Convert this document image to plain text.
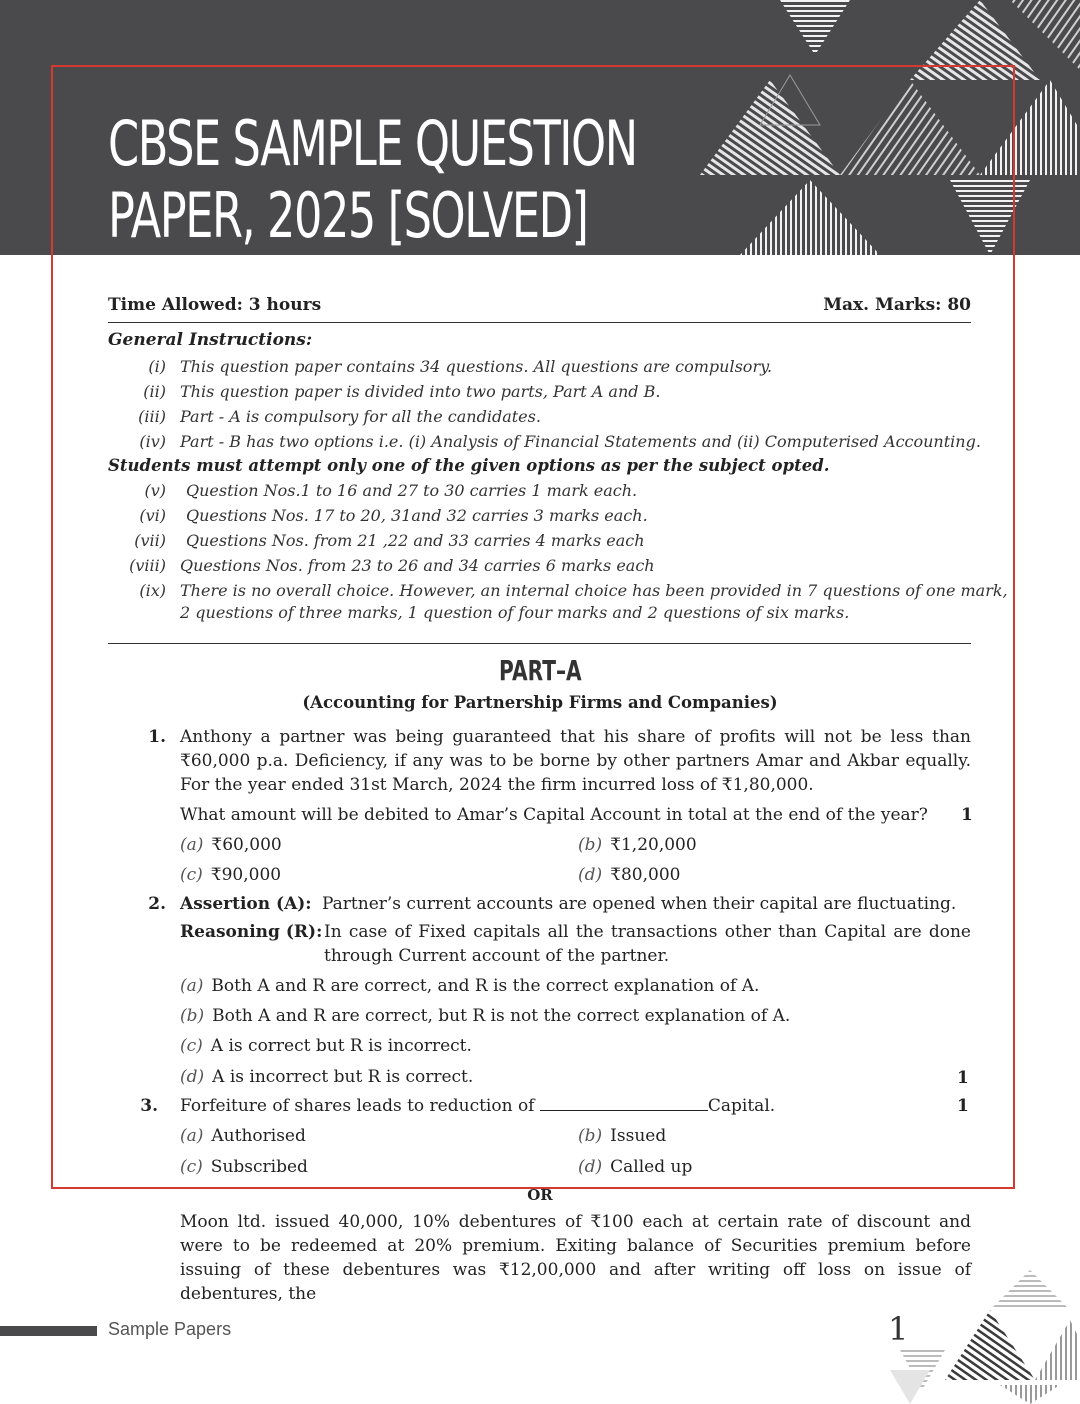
CBSE SAMPLE QUESTION
PAPER, 2025 [SOLVED]
Time Allowed: 3 hours	Max. Marks: 80
General Instructions:
(i) This question paper contains 34 questions. All questions are compulsory.
(ii) This question paper is divided into two parts, Part A and B.
(iii) Part - A is compulsory for all the candidates.
(iv) Part - B has two options i.e. (i) Analysis of Financial Statements and (ii) Computerised Accounting.
Students must attempt only one of the given options as per the subject opted.
(v) Question Nos.1 to 16 and 27 to 30 carries 1 mark each.
(vi) Questions Nos. 17 to 20, 31and 32 carries 3 marks each.
(vii) Questions Nos. from 21 ,22 and 33 carries 4 marks each
(viii) Questions Nos. from 23 to 26 and 34 carries 6 marks each
(ix) There is no overall choice. However, an internal choice has been provided in 7 questions of one mark,
2 questions of three marks, 1 question of four marks and 2 questions of six marks.
PART–A
(Accounting for Partnership Firms and Companies)
1. Anthony a partner was being guaranteed that his share of profits will not be less than ₹60,000 p.a. Deficiency, if any was to be borne by other partners Amar and Akbar equally. For the year ended 31st March, 2024 the firm incurred loss of ₹1,80,000.
What amount will be debited to Amar’s Capital Account in total at the end of the year? 1
(a) ₹60,000	(b) ₹1,20,000
(c) ₹90,000	(d) ₹80,000
2. Assertion (A): Partner’s current accounts are opened when their capital are fluctuating.
Reasoning (R): In case of Fixed capitals all the transactions other than Capital are done through Current account of the partner.
(a) Both A and R are correct, and R is the correct explanation of A.
(b) Both A and R are correct, but R is not the correct explanation of A.
(c) A is correct but R is incorrect.
(d) A is incorrect but R is correct.	1
3. Forfeiture of shares leads to reduction of	Capital.	1
(a) Authorised	(b) Issued
(c) Subscribed	(d) Called up
OR
Moon ltd. issued 40,000, 10% debentures of ₹100 each at certain rate of discount and were to be redeemed at 20% premium. Exiting balance of Securities premium before issuing of these debentures was ₹12,00,000 and after writing off loss on issue of debentures, the
Sample Papers	1
